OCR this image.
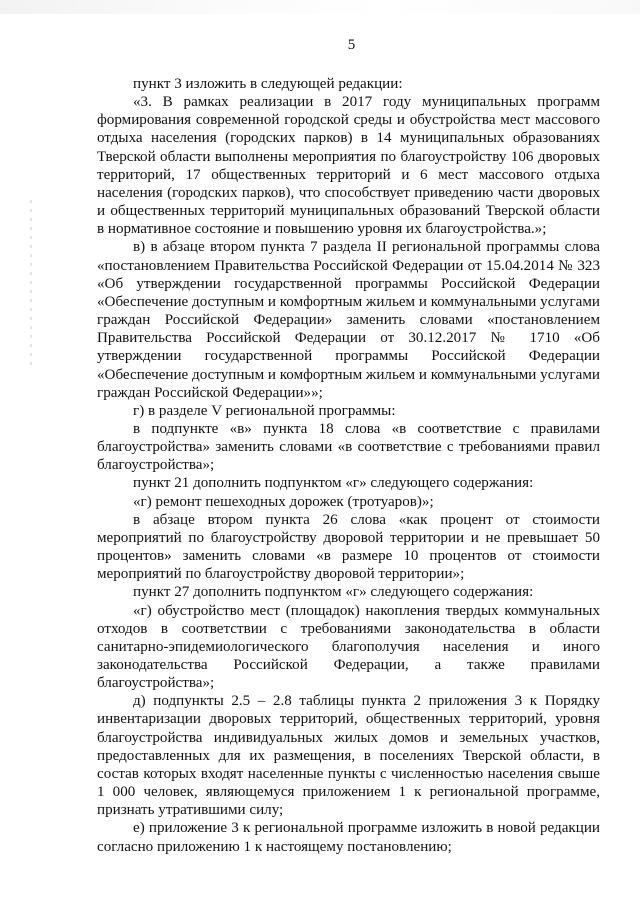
5

пункт 3 изложить в следующей редакции:

«3. В рамках реализации в 2017 году муниципальных программ формирования современной городской среды и обустройства мест массового отдыха населения (городских парков) в 14 муниципальных образованиях Тверской области выполнены мероприятия по благоустройству 106 дворовых территорий, 17 общественных территорий и 6 мест массового отдыха населения (городских парков), что способствует приведению части дворовых и общественных территорий муниципальных образований Тверской области в нормативное состояние и повышению уровня их благоустройства.»;

в) в абзаце втором пункта 7 раздела II региональной программы слова «постановлением Правительства Российской Федерации от 15.04.2014 № 323 «Об утверждении государственной программы Российской Федерации «Обеспечение доступным и комфортным жильем и коммунальными услугами граждан Российской Федерации» заменить словами «постановлением Правительства Российской Федерации от 30.12.2017 № 1710 «Об утверждении государственной программы Российской Федерации «Обеспечение доступным и комфортным жильем и коммунальными услугами граждан Российской Федерации»»;

г) в разделе V региональной программы:

в подпункте «в» пункта 18 слова «в соответствие с правилами благоустройства» заменить словами «в соответствие с требованиями правил благоустройства»;

пункт 21 дополнить подпунктом «г» следующего содержания:

«г) ремонт пешеходных дорожек (тротуаров)»;

в абзаце втором пункта 26 слова «как процент от стоимости мероприятий по благоустройству дворовой территории и не превышает 50 процентов» заменить словами «в размере 10 процентов от стоимости мероприятий по благоустройству дворовой территории»;

пункт 27 дополнить подпунктом «г» следующего содержания:

«г) обустройство мест (площадок) накопления твердых коммунальных отходов в соответствии с требованиями законодательства в области санитарно-эпидемиологического благополучия населения и иного законодательства Российской Федерации, а также правилами благоустройства»;

д) подпункты 2.5 – 2.8 таблицы пункта 2 приложения 3 к Порядку инвентаризации дворовых территорий, общественных территорий, уровня благоустройства индивидуальных жилых домов и земельных участков, предоставленных для их размещения, в поселениях Тверской области, в состав которых входят населенные пункты с численностью населения свыше 1 000 человек, являющемуся приложением 1 к региональной программе, признать утратившими силу;

е) приложение 3 к региональной программе изложить в новой редакции согласно приложению 1 к настоящему постановлению;
